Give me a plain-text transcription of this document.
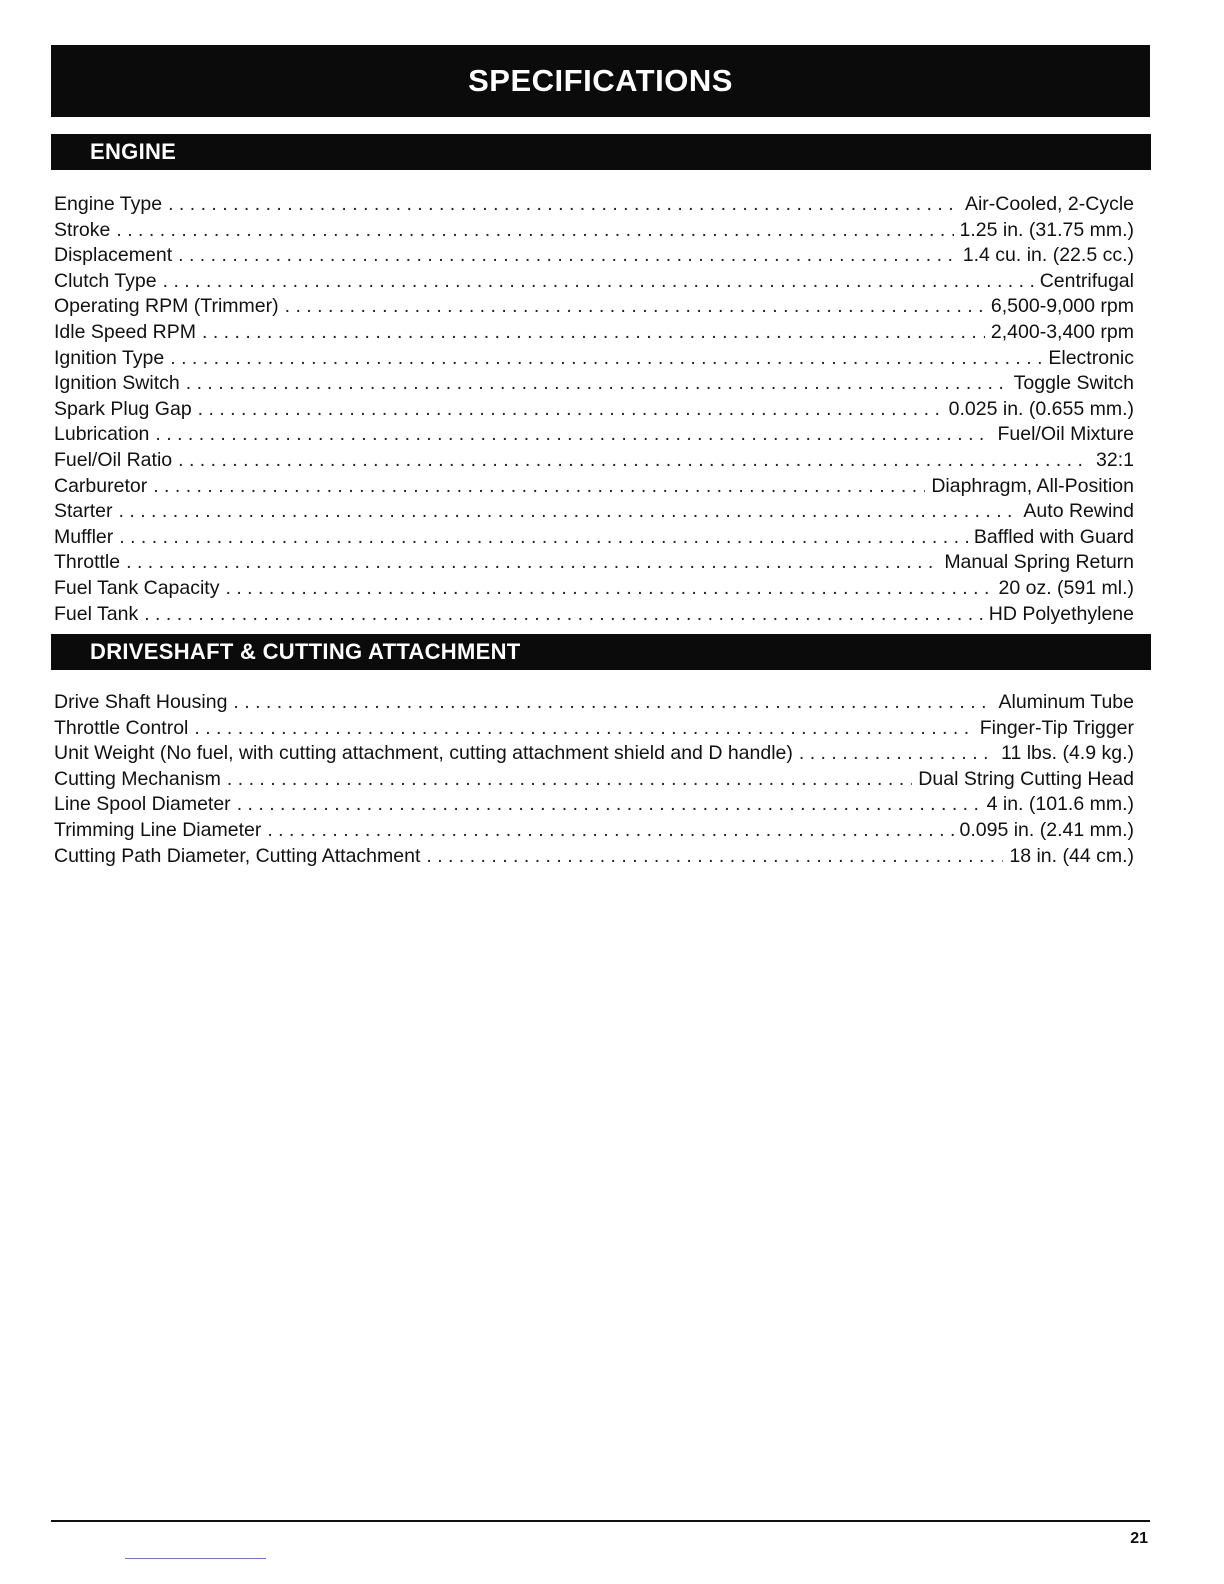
SPECIFICATIONS
ENGINE
Engine Type . . .	Air-Cooled, 2-Cycle
Stroke . . .	1.25 in. (31.75 mm.)
Displacement . . .	1.4 cu. in. (22.5 cc.)
Clutch Type . . .	Centrifugal
Operating RPM (Trimmer) . . .	6,500-9,000 rpm
Idle Speed RPM . . .	2,400-3,400 rpm
Ignition Type . . .	Electronic
Ignition Switch . . .	Toggle Switch
Spark Plug Gap . . .	0.025 in. (0.655 mm.)
Lubrication . . .	Fuel/Oil Mixture
Fuel/Oil Ratio . . .	32:1
Carburetor . . .	Diaphragm, All-Position
Starter . . .	Auto Rewind
Muffler . . .	Baffled with Guard
Throttle . . .	Manual Spring Return
Fuel Tank Capacity . . .	20 oz. (591 ml.)
Fuel Tank . . .	HD Polyethylene
DRIVESHAFT & CUTTING ATTACHMENT
Drive Shaft Housing . . .	Aluminum Tube
Throttle Control . . .	Finger-Tip Trigger
Unit Weight (No fuel, with cutting attachment, cutting attachment shield and D handle) . . .	11 lbs. (4.9 kg.)
Cutting Mechanism . . .	Dual String Cutting Head
Line Spool Diameter . . .	4 in. (101.6 mm.)
Trimming Line Diameter . . .	0.095 in. (2.41 mm.)
Cutting Path Diameter, Cutting Attachment . . .	18 in. (44 cm.)
21
